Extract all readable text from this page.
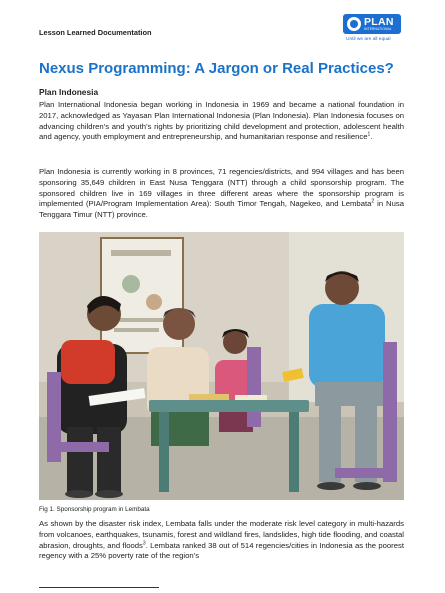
Lesson Learned Documentation
PLAN
INTERNATIONAL
Until we are all equal
Nexus Programming: A Jargon or Real Practices?
Plan Indonesia

Plan International Indonesia began working in Indonesia in 1969 and became a national foundation in 2017, acknowledged as Yayasan Plan International Indonesia (Plan Indonesia). Plan Indonesia focuses on advancing children’s and youth’s rights by prioritizing child development and protection, adolescent health and agency, youth employment and entrepreneurship, and humanitarian response and resilience$^1$.

Plan Indonesia is currently working in 8 provinces, 71 regencies/districts, and 994 villages and has been sponsoring 35,649 children in East Nusa Tenggara (NTT) through a child sponsorship program. The sponsored children live in 169 villages in three different areas where the sponsorship program is implemented (PIA/Program Implementation Area): South Timor Tengah, Nagekeo, and Lembata$^2$ in Nusa Tenggara Timur (NTT) province.

Fig 1. Sponsorship program in Lembata

As shown by the disaster risk index, Lembata falls under the moderate risk level category in multi-hazards from volcanoes, earthquakes, tsunamis, forest and wildland fires, landslides, high tide flooding, and coastal abrasion, droughts, and floods$^3$. Lembata ranked 38 out of 514 regencies/cities in Indonesia as the poorest regency with a 25% poverty rate of the region’s
